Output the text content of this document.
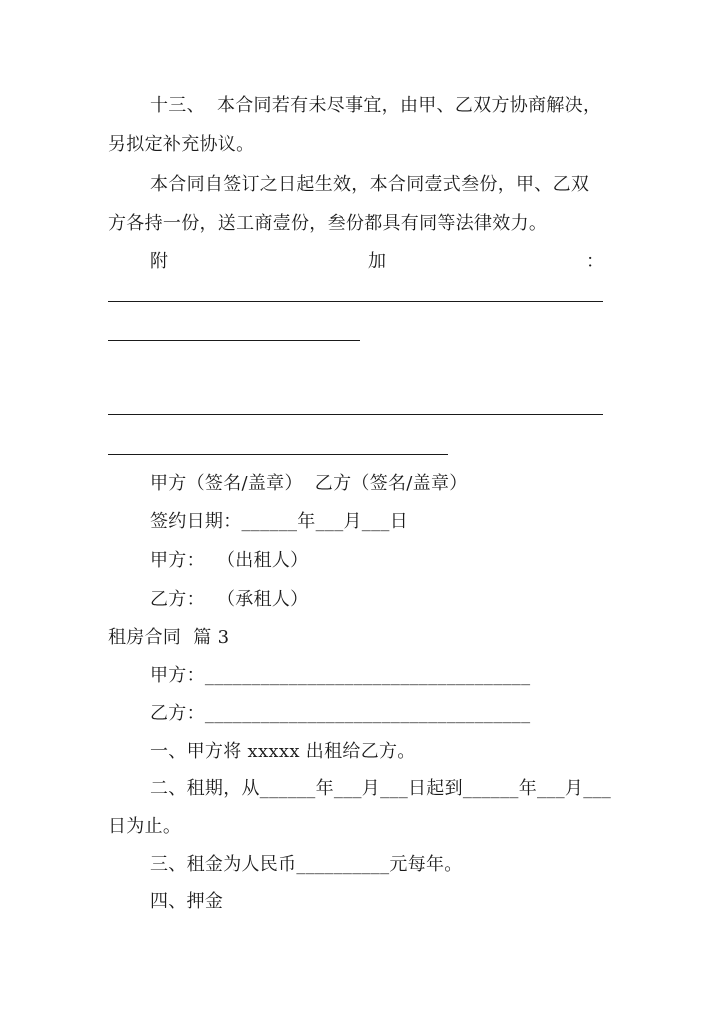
十三、  本合同若有未尽事宜，由甲、乙双方协商解决，
另拟定补充协议。
本合同自签订之日起生效，本合同壹式叁份，甲、乙双
方各持一份，送工商壹份，叁份都具有同等法律效力。
附	加	：
甲方（签名/盖章）  乙方（签名/盖章）
签约日期：______年___月___日
甲方：  （出租人）
乙方：  （承租人）
租房合同  篇 3
甲方：___________________________________
乙方：___________________________________
一、甲方将 xxxxx 出租给乙方。
二、租期，从______年___月___日起到______年___月___
日为止。
三、租金为人民币__________元每年。
四、押金
